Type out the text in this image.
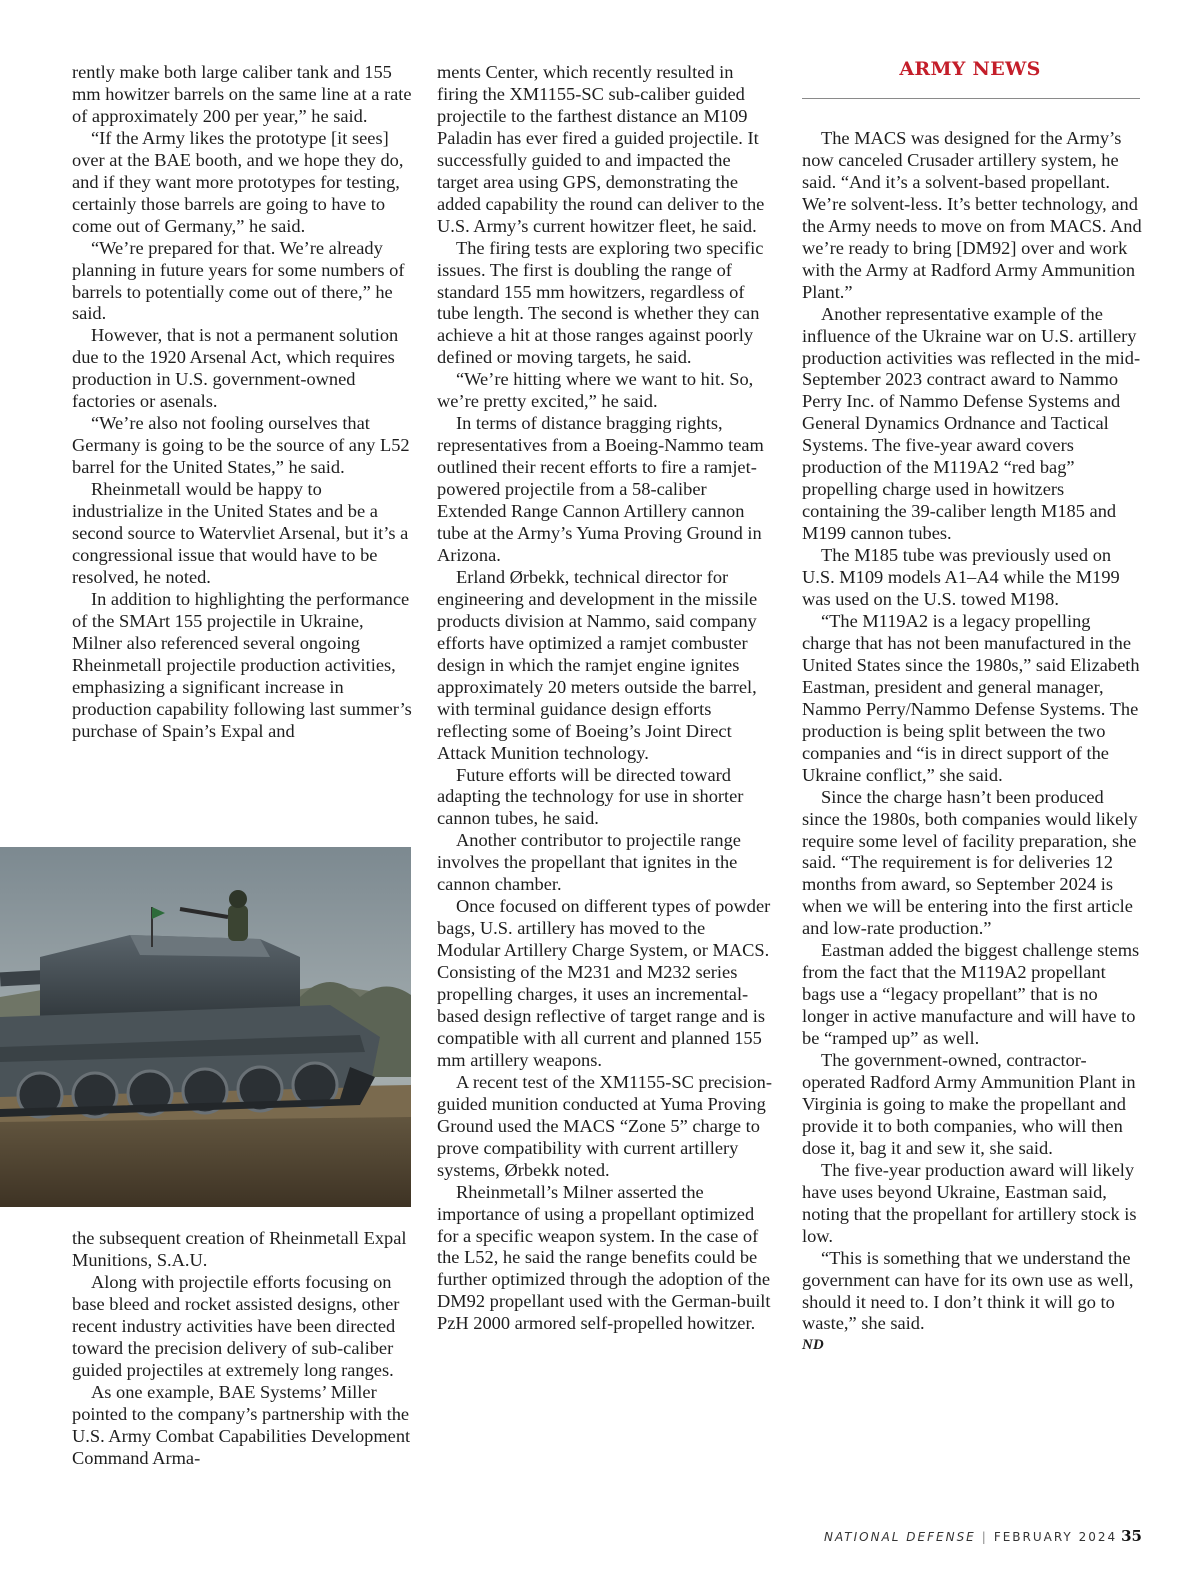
ARMY NEWS

rently make both large caliber tank and 155 mm howitzer barrels on the same line at a rate of approximately 200 per year,” he said.

“If the Army likes the prototype [it sees] over at the BAE booth, and we hope they do, and if they want more prototypes for testing, certainly those barrels are going to have to come out of Germany,” he said.

“We’re prepared for that. We’re already planning in future years for some numbers of barrels to potentially come out of there,” he said.

However, that is not a permanent solution due to the 1920 Arsenal Act, which requires production in U.S. government-owned factories or asenals.

“We’re also not fooling ourselves that Germany is going to be the source of any L52 barrel for the United States,” he said.

Rheinmetall would be happy to industrialize in the United States and be a second source to Watervliet Arsenal, but it’s a congressional issue that would have to be resolved, he noted.

In addition to highlighting the performance of the SMArt 155 projectile in Ukraine, Milner also referenced several ongoing Rheinmetall projectile production activities, emphasizing a significant increase in production capability following last summer’s purchase of Spain’s Expal and

the subsequent creation of Rheinmetall Expal Munitions, S.A.U.

Along with projectile efforts focusing on base bleed and rocket assisted designs, other recent industry activities have been directed toward the precision delivery of sub-caliber guided projectiles at extremely long ranges.

As one example, BAE Systems’ Miller pointed to the company’s partnership with the U.S. Army Combat Capabilities Development Command Arma-

ments Center, which recently resulted in firing the XM1155-SC sub-caliber guided projectile to the farthest distance an M109 Paladin has ever fired a guided projectile. It successfully guided to and impacted the target area using GPS, demonstrating the added capability the round can deliver to the U.S. Army’s current howitzer fleet, he said.

The firing tests are exploring two specific issues. The first is doubling the range of standard 155 mm howitzers, regardless of tube length. The second is whether they can achieve a hit at those ranges against poorly defined or moving targets, he said.

“We’re hitting where we want to hit. So, we’re pretty excited,” he said.

In terms of distance bragging rights, representatives from a Boeing-Nammo team outlined their recent efforts to fire a ramjet-powered projectile from a 58-caliber Extended Range Cannon Artillery cannon tube at the Army’s Yuma Proving Ground in Arizona.

Erland Ørbekk, technical director for engineering and development in the missile products division at Nammo, said company efforts have optimized a ramjet combuster design in which the ramjet engine ignites approximately 20 meters outside the barrel, with terminal guidance design efforts reflecting some of Boeing’s Joint Direct Attack Munition technology.

Future efforts will be directed toward adapting the technology for use in shorter cannon tubes, he said.

Another contributor to projectile range involves the propellant that ignites in the cannon chamber.

Once focused on different types of powder bags, U.S. artillery has moved to the Modular Artillery Charge System, or MACS. Consisting of the M231 and M232 series propelling charges, it uses an incremental-based design reflective of target range and is compatible with all current and planned 155 mm artillery weapons.

A recent test of the XM1155-SC precision-guided munition conducted at Yuma Proving Ground used the MACS “Zone 5” charge to prove compatibility with current artillery systems, Ørbekk noted.

Rheinmetall’s Milner asserted the importance of using a propellant optimized for a specific weapon system. In the case of the L52, he said the range benefits could be further optimized through the adoption of the DM92 propellant used with the German-built PzH 2000 armored self-propelled howitzer.

The MACS was designed for the Army’s now canceled Crusader artillery system, he said. “And it’s a solvent-based propellant. We’re solvent-less. It’s better technology, and the Army needs to move on from MACS. And we’re ready to bring [DM92] over and work with the Army at Radford Army Ammunition Plant.”

Another representative example of the influence of the Ukraine war on U.S. artillery production activities was reflected in the mid-September 2023 contract award to Nammo Perry Inc. of Nammo Defense Systems and General Dynamics Ordnance and Tactical Systems. The five-year award covers production of the M119A2 “red bag” propelling charge used in howitzers containing the 39-caliber length M185 and M199 cannon tubes.

The M185 tube was previously used on U.S. M109 models A1–A4 while the M199 was used on the U.S. towed M198.

“The M119A2 is a legacy propelling charge that has not been manufactured in the United States since the 1980s,” said Elizabeth Eastman, president and general manager, Nammo Perry/Nammo Defense Systems. The production is being split between the two companies and “is in direct support of the Ukraine conflict,” she said.

Since the charge hasn’t been produced since the 1980s, both companies would likely require some level of facility preparation, she said. “The requirement is for deliveries 12 months from award, so September 2024 is when we will be entering into the first article and low-rate production.”

Eastman added the biggest challenge stems from the fact that the M119A2 propellant bags use a “legacy propellant” that is no longer in active manufacture and will have to be “ramped up” as well.

The government-owned, contractor-operated Radford Army Ammunition Plant in Virginia is going to make the propellant and provide it to both companies, who will then dose it, bag it and sew it, she said.

The five-year production award will likely have uses beyond Ukraine, Eastman said, noting that the propellant for artillery stock is low.

“This is something that we understand the government can have for its own use as well, should it need to. I don’t think it will go to waste,” she said.

ND

NATIONAL DEFENSE | FEBRUARY 2024 35
